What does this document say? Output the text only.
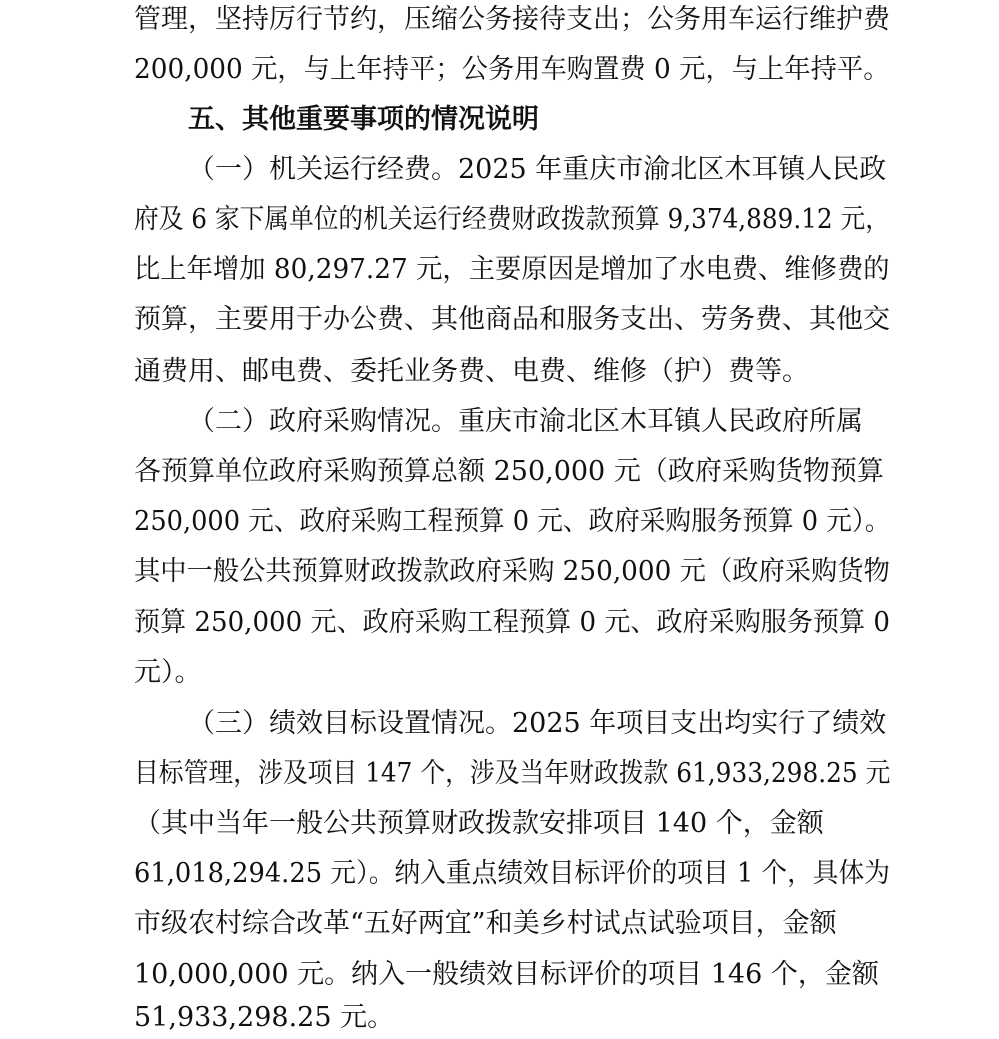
管理，坚持厉行节约，压缩公务接待支出；公务用车运行维护费
200,000 元，与上年持平；公务用车购置费 0 元，与上年持平。
五、其他重要事项的情况说明
（一）机关运行经费。2025 年重庆市渝北区木耳镇人民政
府及 6 家下属单位的机关运行经费财政拨款预算 9,374,889.12 元，
比上年增加 80,297.27 元，主要原因是增加了水电费、维修费的
预算，主要用于办公费、其他商品和服务支出、劳务费、其他交
通费用、邮电费、委托业务费、电费、维修（护）费等。
（二）政府采购情况。重庆市渝北区木耳镇人民政府所属
各预算单位政府采购预算总额 250,000 元（政府采购货物预算
250,000 元、政府采购工程预算 0 元、政府采购服务预算 0 元）。
其中一般公共预算财政拨款政府采购 250,000 元（政府采购货物
预算 250,000 元、政府采购工程预算 0 元、政府采购服务预算 0
元）。
（三）绩效目标设置情况。2025 年项目支出均实行了绩效
目标管理，涉及项目 147 个，涉及当年财政拨款 61,933,298.25 元
（其中当年一般公共预算财政拨款安排项目 140 个，金额
61,018,294.25 元）。纳入重点绩效目标评价的项目 1 个，具体为
市级农村综合改革“五好两宜”和美乡村试点试验项目，金额
10,000,000 元。纳入一般绩效目标评价的项目 146 个，金额
51,933,298.25 元。
